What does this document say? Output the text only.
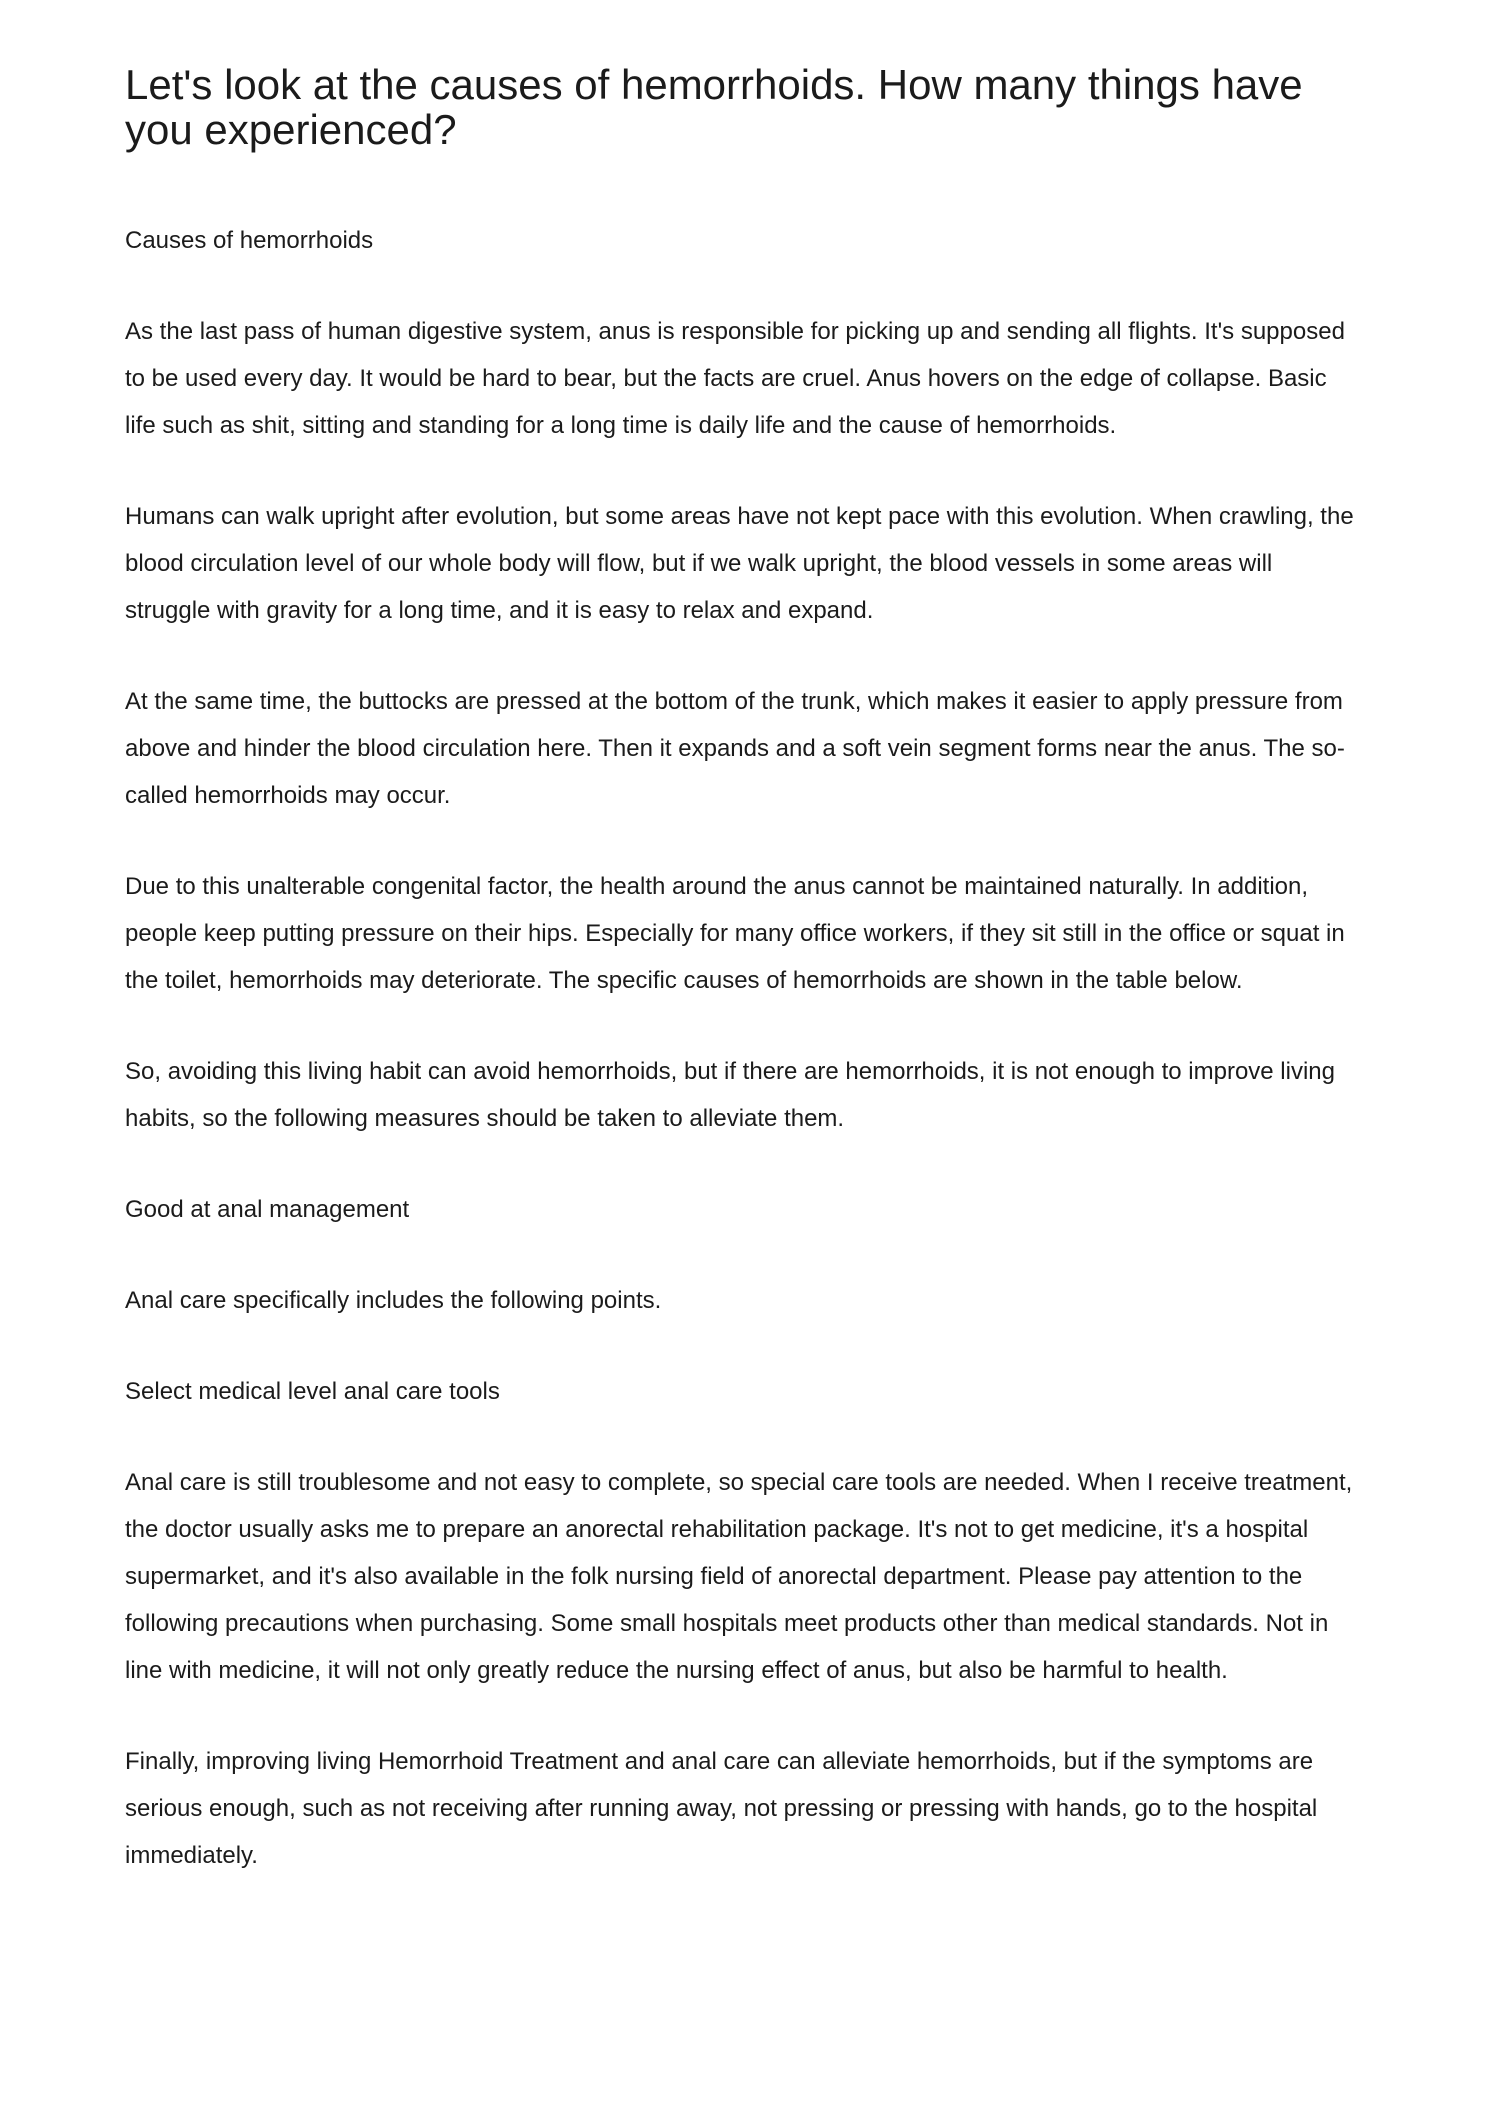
Let's look at the causes of hemorrhoids. How many things have you experienced?

Causes of hemorrhoids

As the last pass of human digestive system, anus is responsible for picking up and sending all flights. It's supposed to be used every day. It would be hard to bear, but the facts are cruel. Anus hovers on the edge of collapse. Basic life such as shit, sitting and standing for a long time is daily life and the cause of hemorrhoids.

Humans can walk upright after evolution, but some areas have not kept pace with this evolution. When crawling, the blood circulation level of our whole body will flow, but if we walk upright, the blood vessels in some areas will struggle with gravity for a long time, and it is easy to relax and expand.

At the same time, the buttocks are pressed at the bottom of the trunk, which makes it easier to apply pressure from above and hinder the blood circulation here. Then it expands and a soft vein segment forms near the anus. The so-called hemorrhoids may occur.

Due to this unalterable congenital factor, the health around the anus cannot be maintained naturally. In addition, people keep putting pressure on their hips. Especially for many office workers, if they sit still in the office or squat in the toilet, hemorrhoids may deteriorate. The specific causes of hemorrhoids are shown in the table below.

So, avoiding this living habit can avoid hemorrhoids, but if there are hemorrhoids, it is not enough to improve living habits, so the following measures should be taken to alleviate them.

Good at anal management

Anal care specifically includes the following points.

Select medical level anal care tools

Anal care is still troublesome and not easy to complete, so special care tools are needed. When I receive treatment, the doctor usually asks me to prepare an anorectal rehabilitation package. It's not to get medicine, it's a hospital supermarket, and it's also available in the folk nursing field of anorectal department. Please pay attention to the following precautions when purchasing. Some small hospitals meet products other than medical standards. Not in line with medicine, it will not only greatly reduce the nursing effect of anus, but also be harmful to health.

Finally, improving living Hemorrhoid Treatment and anal care can alleviate hemorrhoids, but if the symptoms are serious enough, such as not receiving after running away, not pressing or pressing with hands, go to the hospital immediately.
